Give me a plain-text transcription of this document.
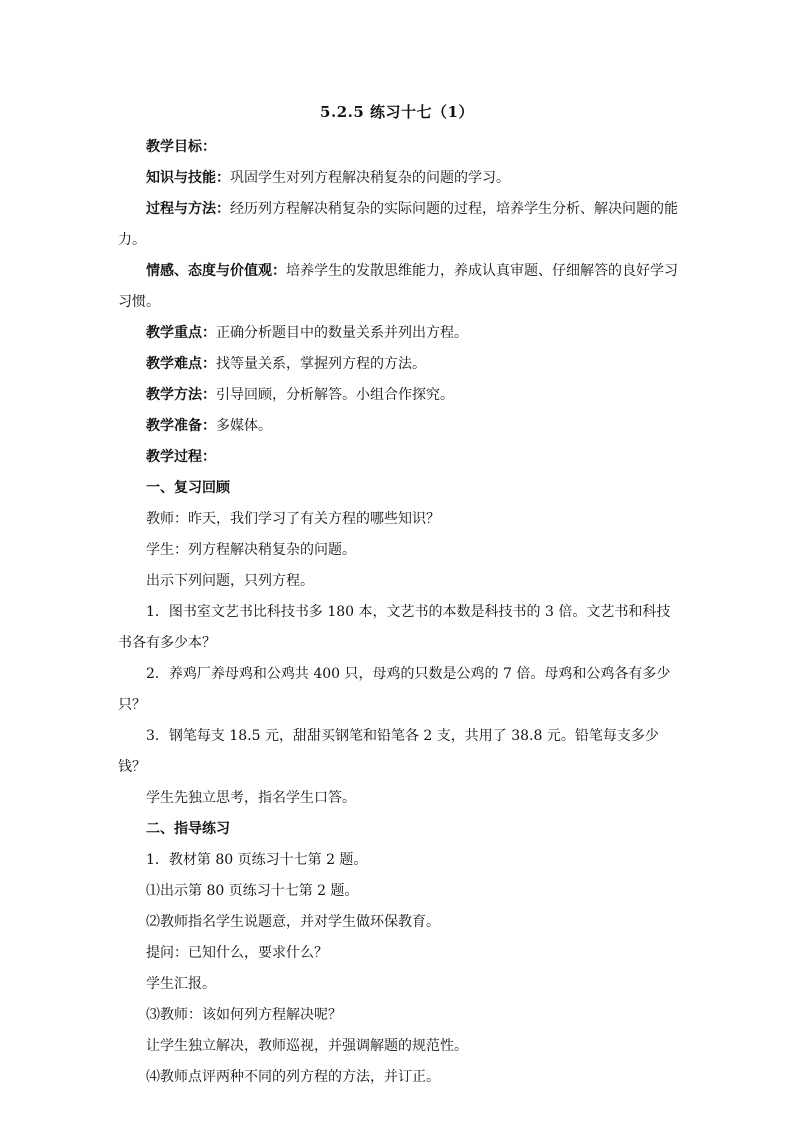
5.2.5 练习十七（1）

教学目标：

知识与技能：巩固学生对列方程解决稍复杂的问题的学习。

过程与方法：经历列方程解决稍复杂的实际问题的过程，培养学生分析、解决问题的能力。

情感、态度与价值观：培养学生的发散思维能力，养成认真审题、仔细解答的良好学习习惯。

教学重点：正确分析题目中的数量关系并列出方程。

教学难点：找等量关系，掌握列方程的方法。

教学方法：引导回顾，分析解答。小组合作探究。

教学准备：多媒体。

教学过程：

一、复习回顾

教师：昨天，我们学习了有关方程的哪些知识？

学生：列方程解决稍复杂的问题。

出示下列问题，只列方程。

1．图书室文艺书比科技书多 180 本，文艺书的本数是科技书的 3 倍。文艺书和科技书各有多少本？

2．养鸡厂养母鸡和公鸡共 400 只，母鸡的只数是公鸡的 7 倍。母鸡和公鸡各有多少只？

3．钢笔每支 18.5 元，甜甜买钢笔和铅笔各 2 支，共用了 38.8 元。铅笔每支多少钱？

学生先独立思考，指名学生口答。

二、指导练习

1．教材第 80 页练习十七第 2 题。

⑴出示第 80 页练习十七第 2 题。

⑵教师指名学生说题意，并对学生做环保教育。

提问：已知什么，要求什么？

学生汇报。

⑶教师：该如何列方程解决呢？

让学生独立解决，教师巡视，并强调解题的规范性。

⑷教师点评两种不同的列方程的方法，并订正。
